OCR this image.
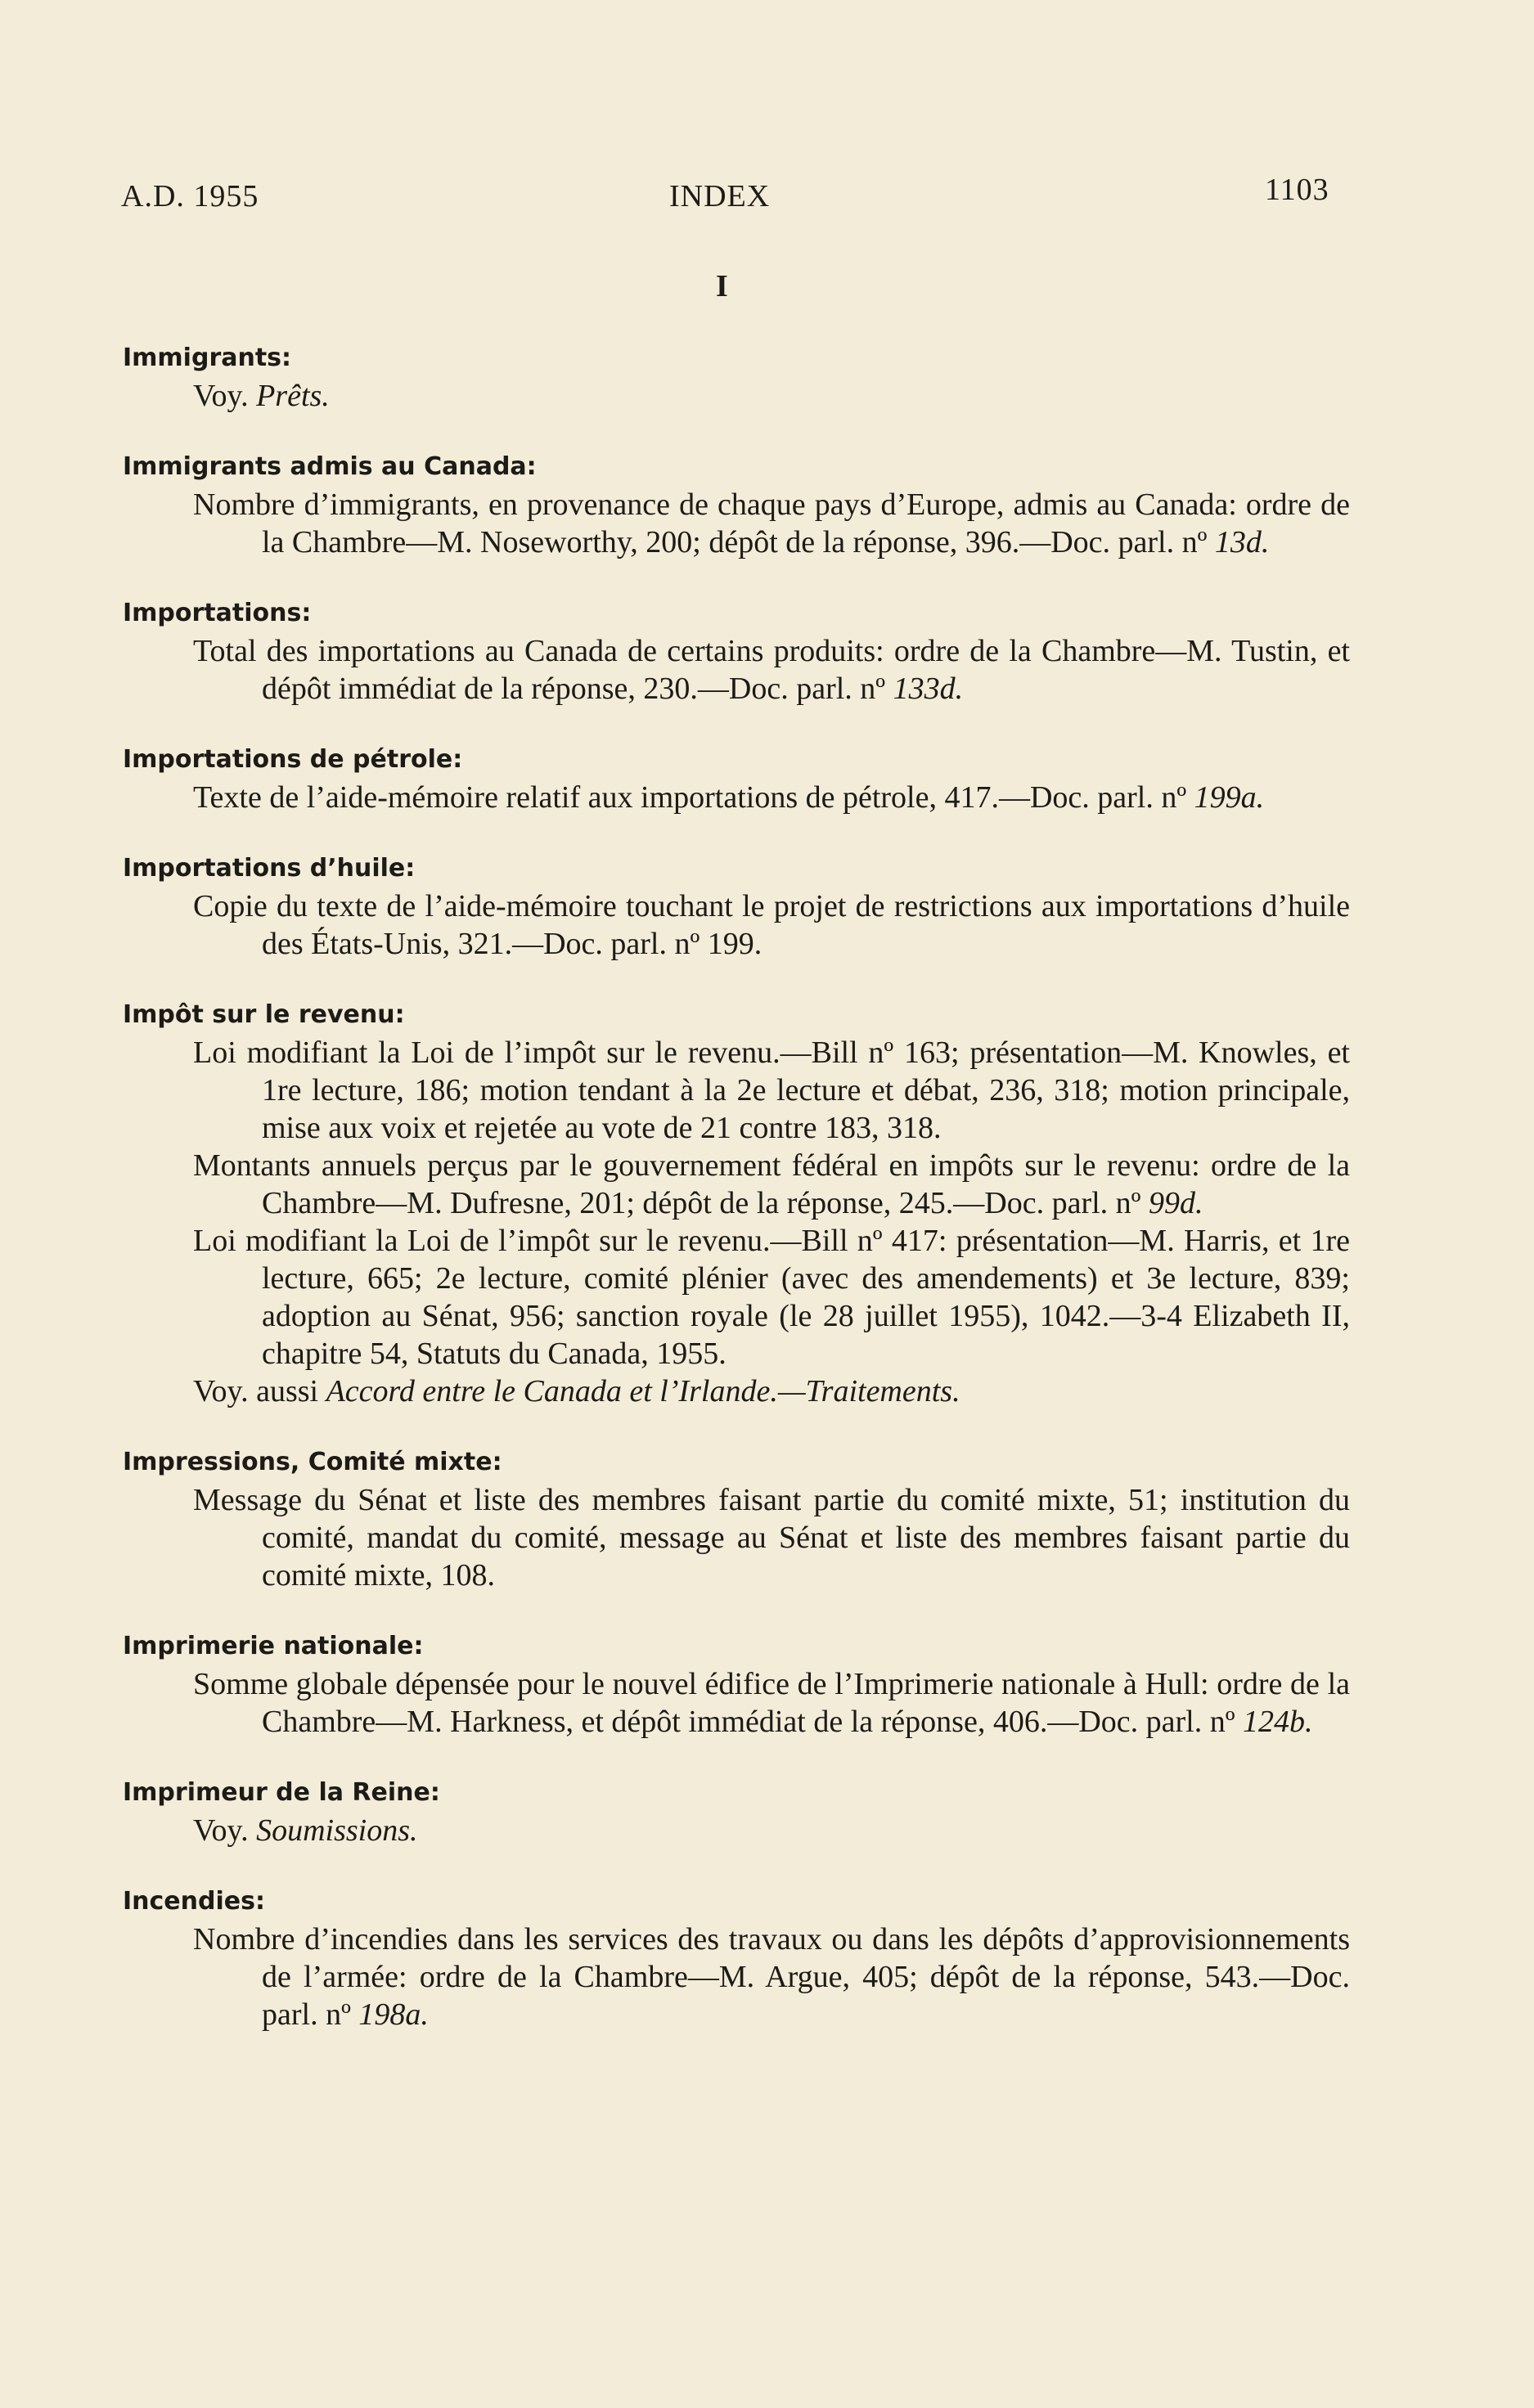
A.D. 1955	INDEX	1103
I
Immigrants:
Voy. Prêts.
Immigrants admis au Canada:
Nombre d’immigrants, en provenance de chaque pays d’Europe, admis au Canada: ordre de la Chambre—M. Noseworthy, 200; dépôt de la réponse, 396.—Doc. parl. nº 13d.
Importations:
Total des importations au Canada de certains produits: ordre de la Chambre—M. Tustin, et dépôt immédiat de la réponse, 230.—Doc. parl. nº 133d.
Importations de pétrole:
Texte de l’aide-mémoire relatif aux importations de pétrole, 417.—Doc. parl. nº 199a.
Importations d’huile:
Copie du texte de l’aide-mémoire touchant le projet de restrictions aux importations d’huile des États-Unis, 321.—Doc. parl. nº 199.
Impôt sur le revenu:
Loi modifiant la Loi de l’impôt sur le revenu.—Bill nº 163; présentation—M. Knowles, et 1re lecture, 186; motion tendant à la 2e lecture et débat, 236, 318; motion principale, mise aux voix et rejetée au vote de 21 contre 183, 318.
Montants annuels perçus par le gouvernement fédéral en impôts sur le revenu: ordre de la Chambre—M. Dufresne, 201; dépôt de la réponse, 245.—Doc. parl. nº 99d.
Loi modifiant la Loi de l’impôt sur le revenu.—Bill nº 417: présentation—M. Harris, et 1re lecture, 665; 2e lecture, comité plénier (avec des amendements) et 3e lecture, 839; adoption au Sénat, 956; sanction royale (le 28 juillet 1955), 1042.—3-4 Elizabeth II, chapitre 54, Statuts du Canada, 1955.
Voy. aussi Accord entre le Canada et l’Irlande.—Traitements.
Impressions, Comité mixte:
Message du Sénat et liste des membres faisant partie du comité mixte, 51; institution du comité, mandat du comité, message au Sénat et liste des membres faisant partie du comité mixte, 108.
Imprimerie nationale:
Somme globale dépensée pour le nouvel édifice de l’Imprimerie nationale à Hull: ordre de la Chambre—M. Harkness, et dépôt immédiat de la réponse, 406.—Doc. parl. nº 124b.
Imprimeur de la Reine:
Voy. Soumissions.
Incendies:
Nombre d’incendies dans les services des travaux ou dans les dépôts d’approvisionnements de l’armée: ordre de la Chambre—M. Argue, 405; dépôt de la réponse, 543.—Doc. parl. nº 198a.
